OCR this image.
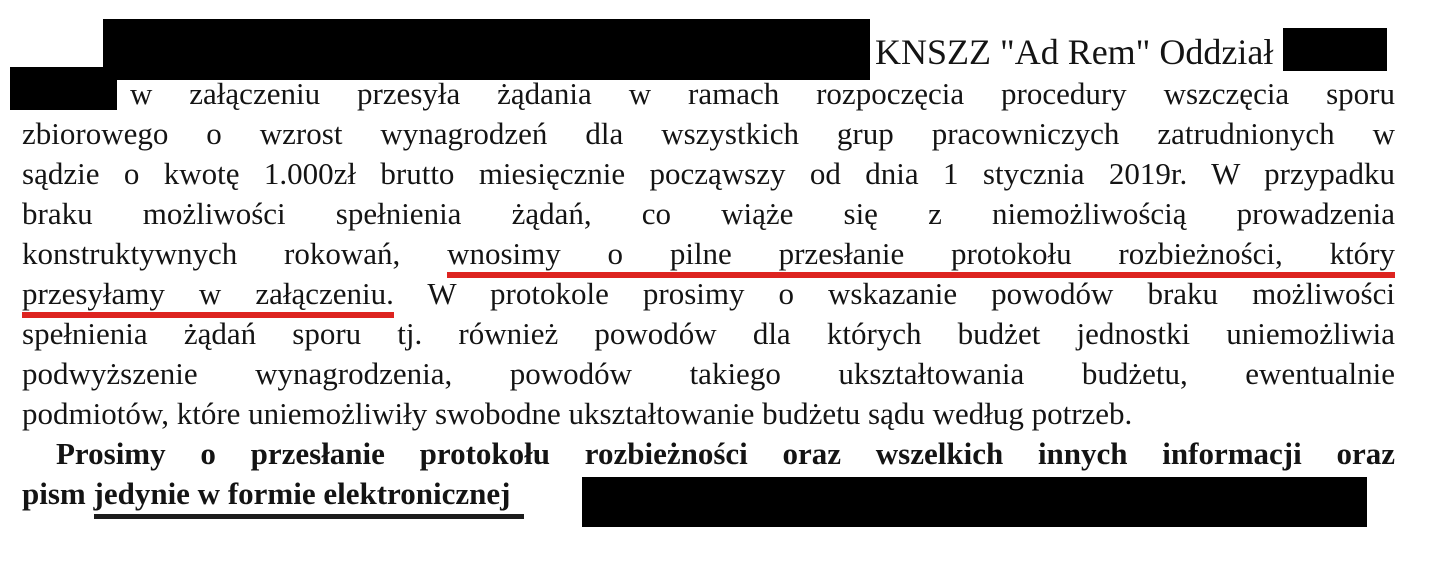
KNSZZ "Ad Rem" Oddział
w załączeniu przesyła żądania w ramach rozpoczęcia procedury wszczęcia sporu
zbiorowego o wzrost wynagrodzeń dla wszystkich grup pracowniczych zatrudnionych w
sądzie o kwotę 1.000zł brutto miesięcznie począwszy od dnia 1 stycznia 2019r. W przypadku
braku możliwości spełnienia żądań, co wiąże się z niemożliwością prowadzenia
konstruktywnych rokowań, wnosimy o pilne przesłanie protokołu rozbieżności, który
przesyłamy w załączeniu. W protokole prosimy o wskazanie powodów braku możliwości
spełnienia żądań sporu tj. również powodów dla których budżet jednostki uniemożliwia
podwyższenie wynagrodzenia, powodów takiego ukształtowania budżetu, ewentualnie
podmiotów, które uniemożliwiły swobodne ukształtowanie budżetu sądu według potrzeb.
Prosimy o przesłanie protokołu rozbieżności oraz wszelkich innych informacji oraz
pism jedynie w formie elektronicznej
